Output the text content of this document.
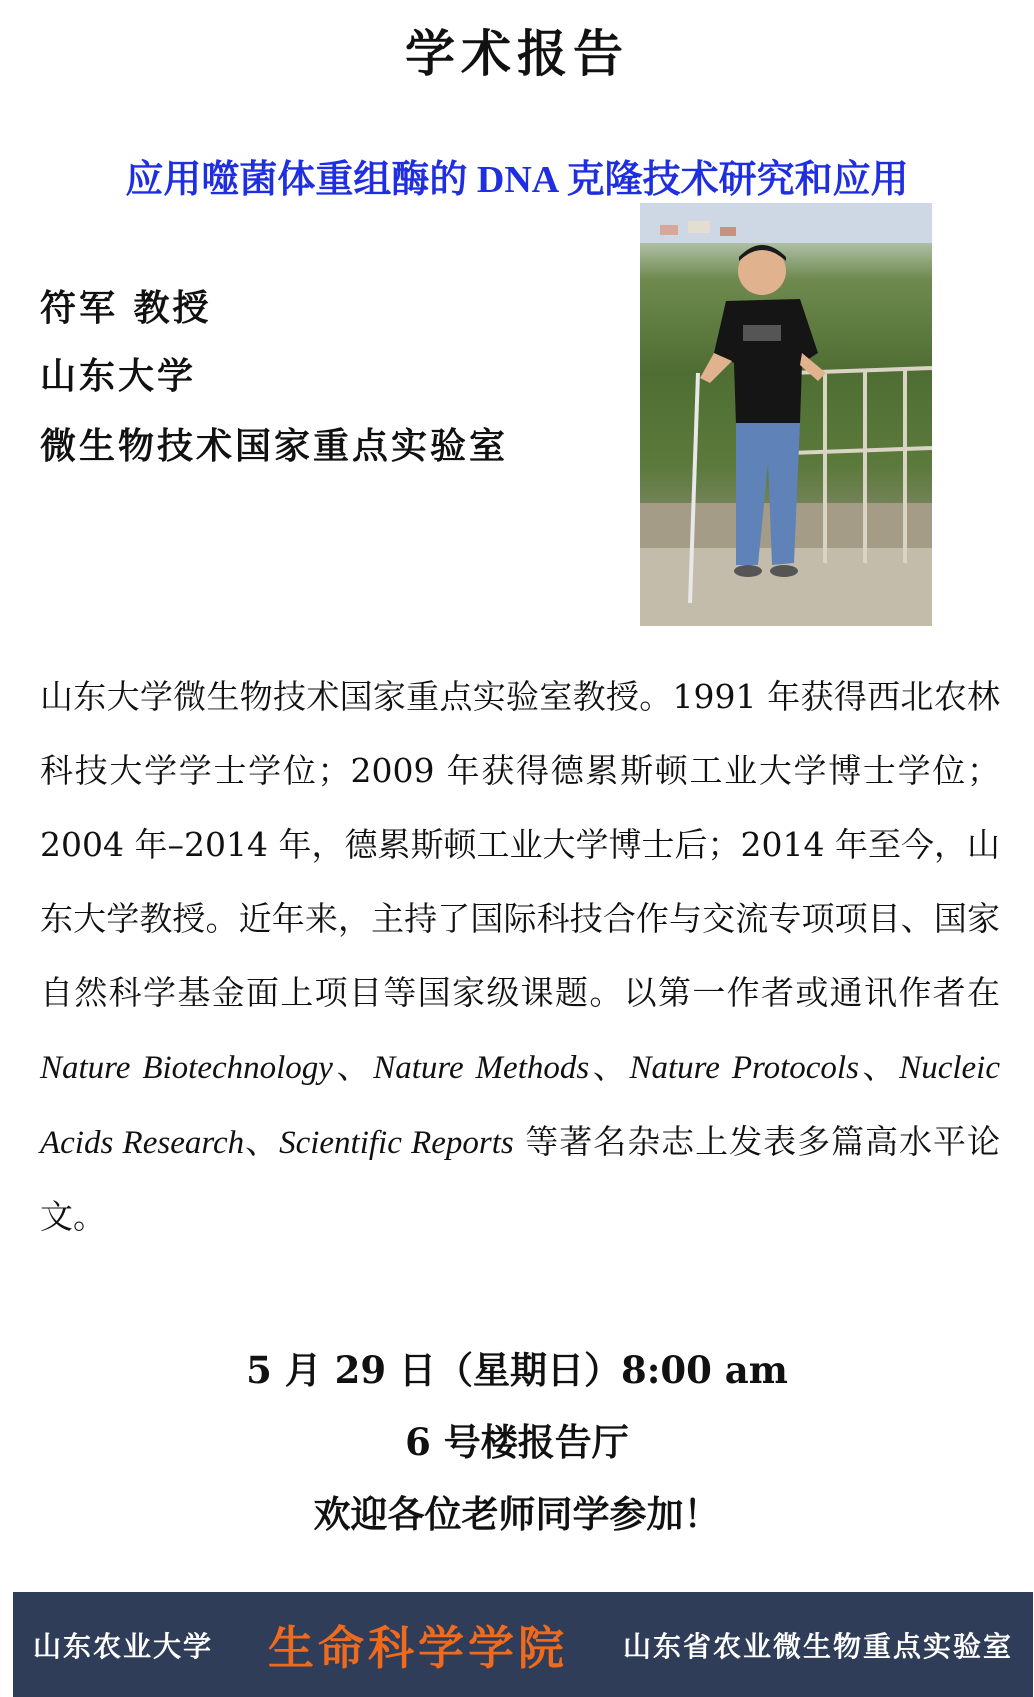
学术报告
应用噬菌体重组酶的 DNA 克隆技术研究和应用

符军 教授

山东大学

微生物技术国家重点实验室

山东大学微生物技术国家重点实验室教授。1991 年获得西北农林科技大学学士学位；2009 年获得德累斯顿工业大学博士学位；2004 年–2014 年，德累斯顿工业大学博士后；2014 年至今，山东大学教授。近年来，主持了国际科技合作与交流专项项目、国家自然科学基金面上项目等国家级课题。以第一作者或通讯作者在 Nature Biotechnology、Nature Methods、Nature Protocols、Nucleic Acids Research、Scientific Reports 等著名杂志上发表多篇高水平论文。

5 月 29 日（星期日）8:00 am

6 号楼报告厅

欢迎各位老师同学参加！

山东农业大学 生命科学学院 山东省农业微生物重点实验室
